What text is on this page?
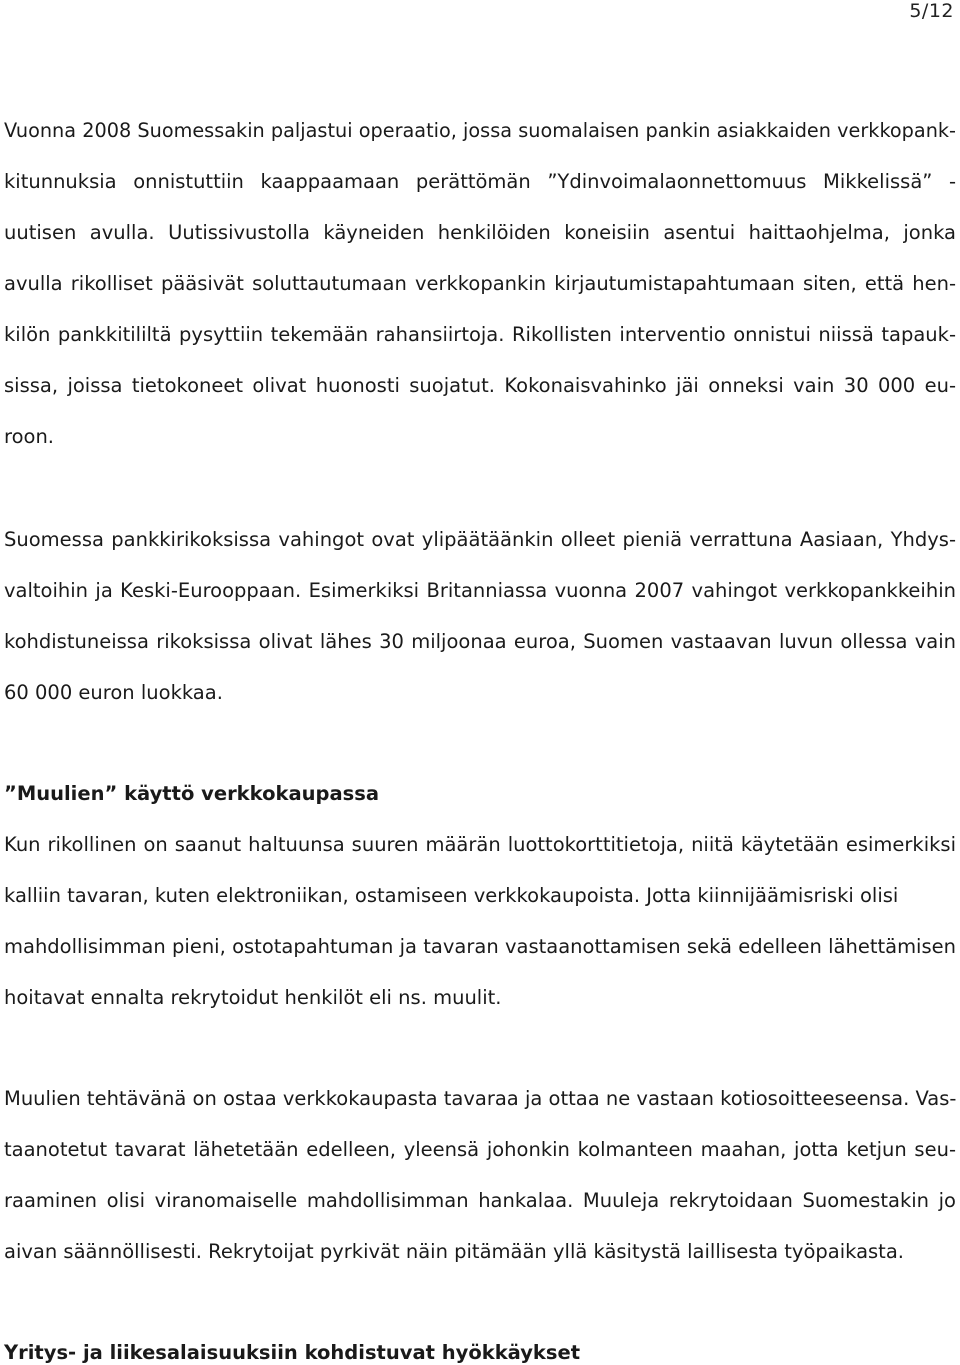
5/12
Vuonna 2008 Suomessakin paljastui operaatio, jossa suomalaisen pankin asiakkaiden verkkopank-
kitunnuksia onnistuttiin kaappaamaan perättömän ”Ydinvoimalaonnettomuus Mikkelissä” -
uutisen avulla. Uutissivustolla käyneiden henkilöiden koneisiin asentui haittaohjelma, jonka
avulla rikolliset pääsivät soluttautumaan verkkopankin kirjautumistapahtumaan siten, että hen-
kilön pankkitililtä pysyttiin tekemään rahansiirtoja. Rikollisten interventio onnistui niissä tapauk-
sissa, joissa tietokoneet olivat huonosti suojatut. Kokonaisvahinko jäi onneksi vain 30 000 eu-
roon.
Suomessa pankkirikoksissa vahingot ovat ylipäätäänkin olleet pieniä verrattuna Aasiaan, Yhdys-
valtoihin ja Keski-Eurooppaan. Esimerkiksi Britanniassa vuonna 2007 vahingot verkkopankkeihin
kohdistuneissa rikoksissa olivat lähes 30 miljoonaa euroa, Suomen vastaavan luvun ollessa vain
60 000 euron luokkaa.
”Muulien” käyttö verkkokaupassa
Kun rikollinen on saanut haltuunsa suuren määrän luottokorttitietoja, niitä käytetään esimerkiksi
kalliin tavaran, kuten elektroniikan, ostamiseen verkkokaupoista. Jotta kiinnijäämisriski olisi
mahdollisimman pieni, ostotapahtuman ja tavaran vastaanottamisen sekä edelleen lähettämisen
hoitavat ennalta rekrytoidut henkilöt eli ns. muulit.
Muulien tehtävänä on ostaa verkkokaupasta tavaraa ja ottaa ne vastaan kotiosoitteeseensa. Vas-
taanotetut tavarat lähetetään edelleen, yleensä johonkin kolmanteen maahan, jotta ketjun seu-
raaminen olisi viranomaiselle mahdollisimman hankalaa. Muuleja rekrytoidaan Suomestakin jo
aivan säännöllisesti. Rekrytoijat pyrkivät näin pitämään yllä käsitystä laillisesta työpaikasta.
Yritys- ja liikesalaisuuksiin kohdistuvat hyökkäykset
